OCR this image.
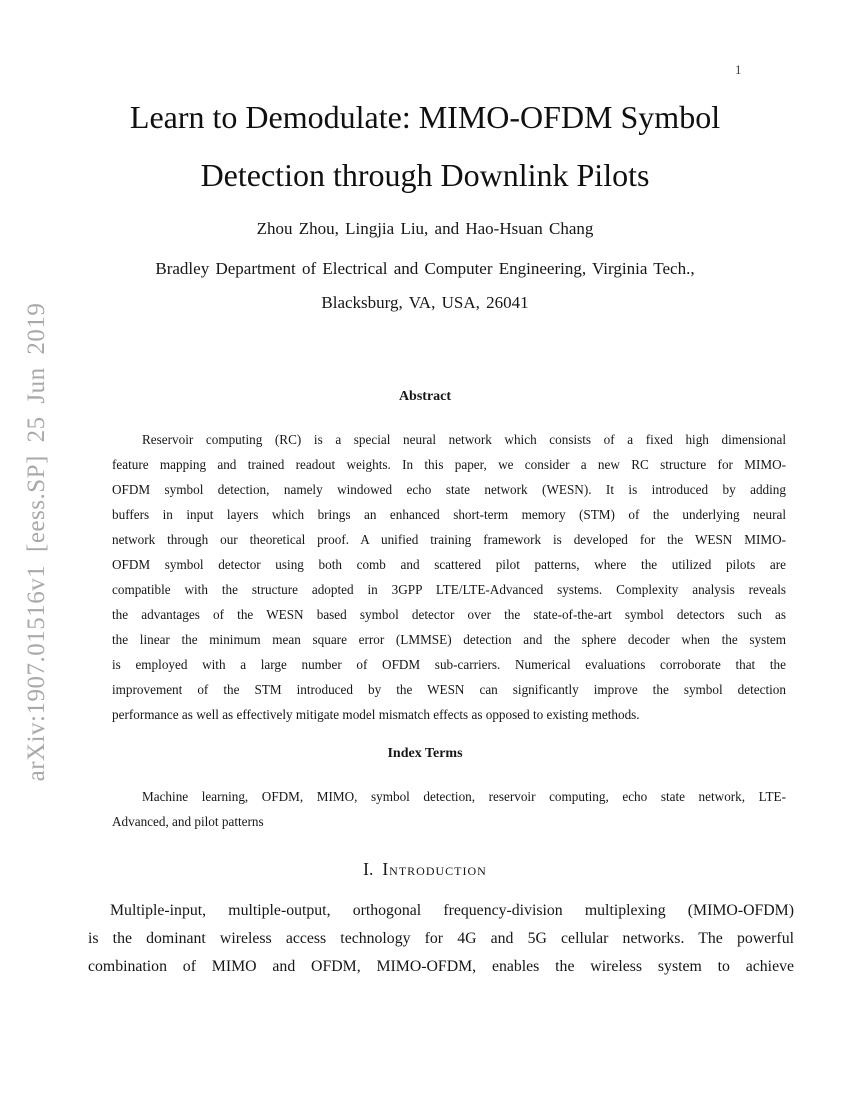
1
arXiv:1907.01516v1 [eess.SP] 25 Jun 2019
Learn to Demodulate: MIMO-OFDM Symbol
Detection through Downlink Pilots
Zhou Zhou, Lingjia Liu, and Hao-Hsuan Chang
Bradley Department of Electrical and Computer Engineering, Virginia Tech.,
Blacksburg, VA, USA, 26041
Abstract
Reservoir computing (RC) is a special neural network which consists of a fixed high dimensional
feature mapping and trained readout weights. In this paper, we consider a new RC structure for MIMO-
OFDM symbol detection, namely windowed echo state network (WESN). It is introduced by adding
buffers in input layers which brings an enhanced short-term memory (STM) of the underlying neural
network through our theoretical proof. A unified training framework is developed for the WESN MIMO-
OFDM symbol detector using both comb and scattered pilot patterns, where the utilized pilots are
compatible with the structure adopted in 3GPP LTE/LTE-Advanced systems. Complexity analysis reveals
the advantages of the WESN based symbol detector over the state-of-the-art symbol detectors such as
the linear the minimum mean square error (LMMSE) detection and the sphere decoder when the system
is employed with a large number of OFDM sub-carriers. Numerical evaluations corroborate that the
improvement of the STM introduced by the WESN can significantly improve the symbol detection
performance as well as effectively mitigate model mismatch effects as opposed to existing methods.
Index Terms
Machine learning, OFDM, MIMO, symbol detection, reservoir computing, echo state network, LTE-
Advanced, and pilot patterns
I. Introduction
Multiple-input, multiple-output, orthogonal frequency-division multiplexing (MIMO-OFDM)
is the dominant wireless access technology for 4G and 5G cellular networks. The powerful
combination of MIMO and OFDM, MIMO-OFDM, enables the wireless system to achieve
